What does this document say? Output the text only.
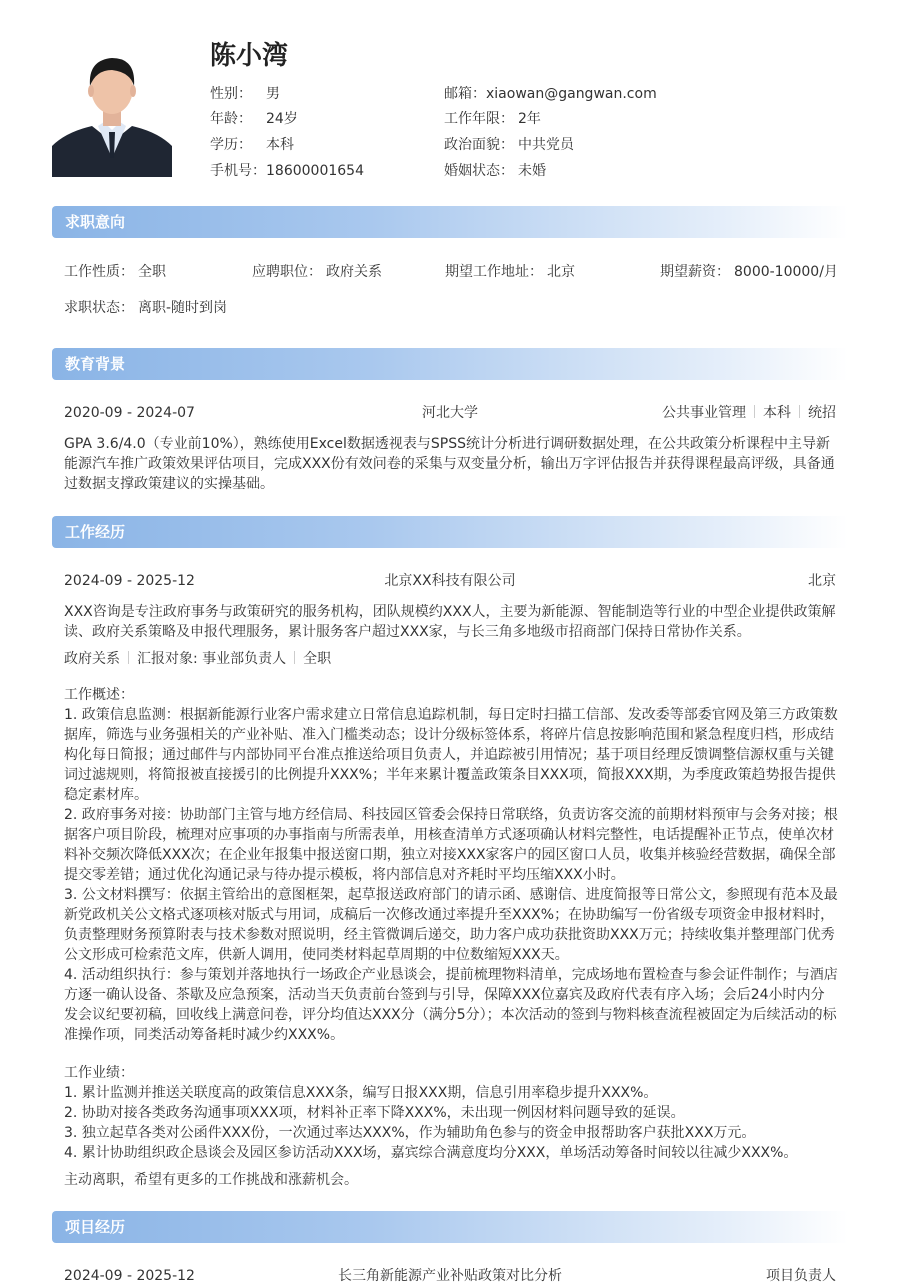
陈小湾
性别： 男
年龄： 24岁
学历： 本科
手机号：18600001654
邮箱：xiaowan@gangwan.com
工作年限： 2年
政治面貌： 中共党员
婚姻状态： 未婚
求职意向
工作性质： 全职	应聘职位： 政府关系	期望工作地址： 北京	期望薪资： 8000-10000/月
求职状态： 离职-随时到岗
教育背景
2020-09 - 2024-07	河北大学	公共事业管理 本科 统招

GPA 3.6/4.0（专业前10%），熟练使用Excel数据透视表与SPSS统计分析进行调研数据处理，在公共政策分析课程中主导新能源汽车推广政策效果评估项目，完成XXX份有效问卷的采集与双变量分析，输出万字评估报告并获得课程最高评级，具备通过数据支撑政策建议的实操基础。

工作经历
2024-09 - 2025-12	北京XX科技有限公司	北京

XXX咨询是专注政府事务与政策研究的服务机构，团队规模约XXX人，主要为新能源、智能制造等行业的中型企业提供政策解读、政府关系策略及申报代理服务，累计服务客户超过XXX家，与长三角多地级市招商部门保持日常协作关系。

政府关系 汇报对象: 事业部负责人 全职

工作概述：

1. 政策信息监测：根据新能源行业客户需求建立日常信息追踪机制，每日定时扫描工信部、发改委等部委官网及第三方政策数据库，筛选与业务强相关的产业补贴、准入门槛类动态；设计分级标签体系，将碎片信息按影响范围和紧急程度归档，形成结构化每日简报；通过邮件与内部协同平台准点推送给项目负责人，并追踪被引用情况；基于项目经理反馈调整信源权重与关键词过滤规则，将简报被直接援引的比例提升XXX%；半年来累计覆盖政策条目XXX项，简报XXX期，为季度政策趋势报告提供稳定素材库。

2. 政府事务对接：协助部门主管与地方经信局、科技园区管委会保持日常联络，负责访客交流的前期材料预审与会务对接；根据客户项目阶段，梳理对应事项的办事指南与所需表单，用核查清单方式逐项确认材料完整性，电话提醒补正节点，使单次材料补交频次降低XXX次；在企业年报集中报送窗口期，独立对接XXX家客户的园区窗口人员，收集并核验经营数据，确保全部提交零差错；通过优化沟通记录与待办提示模板，将内部信息对齐耗时平均压缩XXX小时。

3. 公文材料撰写：依据主管给出的意图框架，起草报送政府部门的请示函、感谢信、进度简报等日常公文，参照现有范本及最新党政机关公文格式逐项核对版式与用词，成稿后一次修改通过率提升至XXX%；在协助编写一份省级专项资金申报材料时，负责整理财务预算附表与技术参数对照说明，经主管微调后递交，助力客户成功获批资助XXX万元；持续收集并整理部门优秀公文形成可检索范文库，供新人调用，使同类材料起草周期的中位数缩短XXX天。

4. 活动组织执行：参与策划并落地执行一场政企产业恳谈会，提前梳理物料清单，完成场地布置检查与参会证件制作；与酒店方逐一确认设备、茶歇及应急预案，活动当天负责前台签到与引导，保障XXX位嘉宾及政府代表有序入场；会后24小时内分发会议纪要初稿，回收线上满意问卷，评分均值达XXX分（满分5分）；本次活动的签到与物料核查流程被固定为后续活动的标准操作项，同类活动筹备耗时减少约XXX%。

工作业绩：

1. 累计监测并推送关联度高的政策信息XXX条，编写日报XXX期，信息引用率稳步提升XXX%。

2. 协助对接各类政务沟通事项XXX项，材料补正率下降XXX%，未出现一例因材料问题导致的延误。

3. 独立起草各类对公函件XXX份，一次通过率达XXX%，作为辅助角色参与的资金申报帮助客户获批XXX万元。

4. 累计协助组织政企恳谈会及园区参访活动XXX场，嘉宾综合满意度均分XXX，单场活动筹备时间较以往减少XXX%。

主动离职，希望有更多的工作挑战和涨薪机会。

项目经历
2024-09 - 2025-12	长三角新能源产业补贴政策对比分析	项目负责人
